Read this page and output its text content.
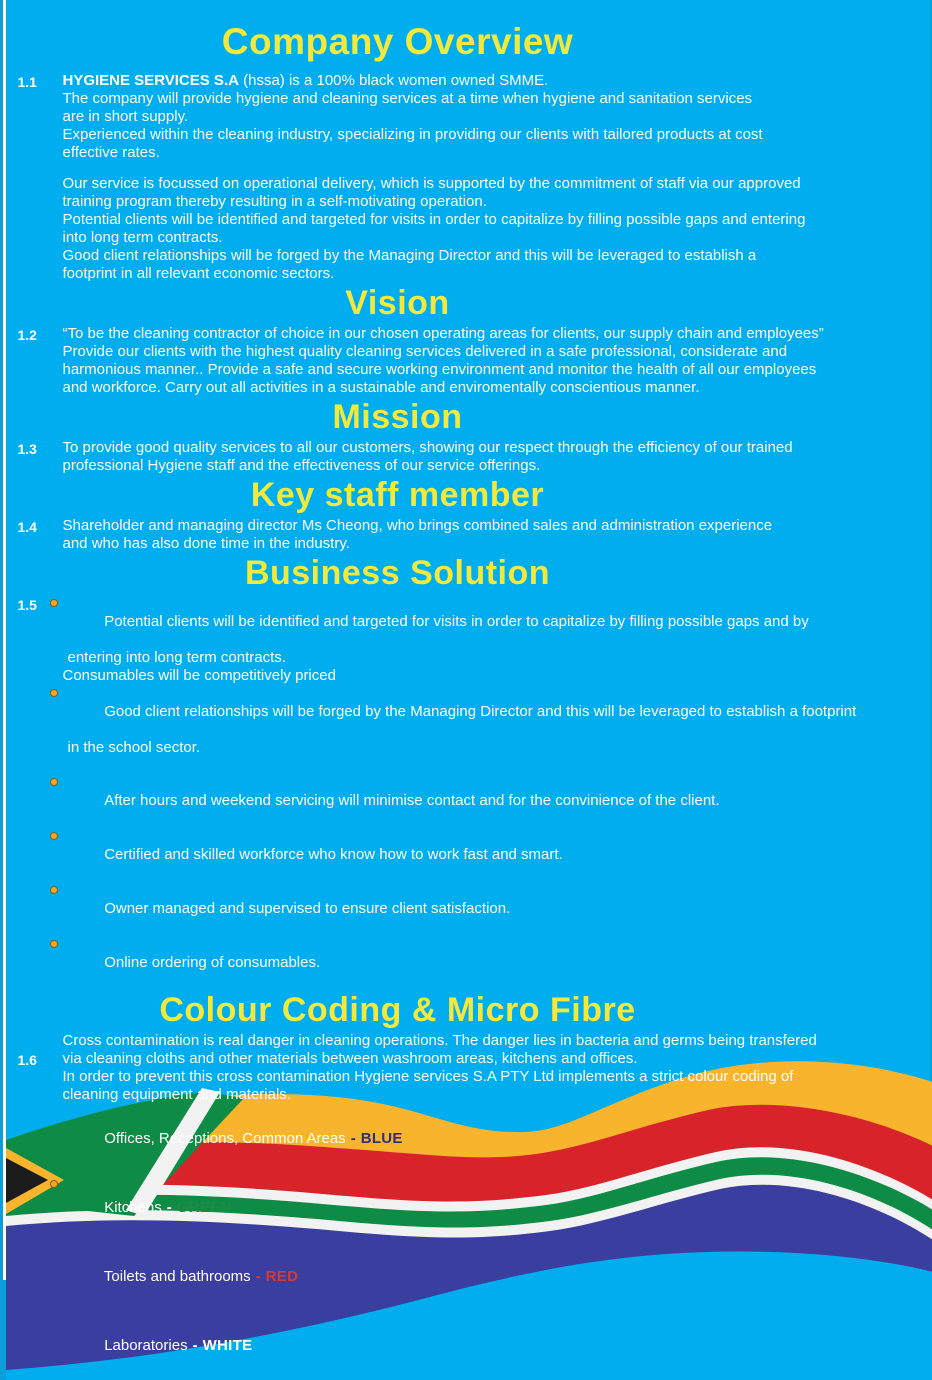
Company Overview
1.1	HYGIENE SERVICES S.A (hssa) is a 100% black women owned SMME.
The company will provide hygiene and cleaning services at a time when hygiene and sanitation services
are in short supply.
Experienced within the cleaning industry, specializing in providing our clients with tailored products at cost
effective rates.
Our service is focussed on operational delivery, which is supported by the commitment of staff via our approved
training program thereby resulting in a self-motivating operation.
Potential clients will be identified and targeted for visits in order to capitalize by filling possible gaps and entering
into long term contracts.
Good client relationships will be forged by the Managing Director and this will be leveraged to establish a
footprint in all relevant economic sectors.
Vision
1.2	“To be the cleaning contractor of choice in our chosen operating areas for clients, our supply chain and employees”
Provide our clients with the highest quality cleaning services delivered in a safe professional, considerate and
harmonious manner.. Provide a safe and secure working environment and monitor the health of all our employees
and workforce. Carry out all activities in a sustainable and enviromentally conscientious manner.
Mission
1.3	To provide good quality services to all our customers, showing our respect through the efficiency of our trained
professional Hygiene staff and the effectiveness of our service offerings.
Key staff member
1.4	Shareholder and managing director Ms Cheong, who brings combined sales and administration experience
and who has also done time in the industry.
Business Solution
1.5

Potential clients will be identified and targeted for visits in order to capitalize by filling possible gaps and by

entering into long term contracts.
Consumables will be competitively priced

Good client relationships will be forged by the Managing Director and this will be leveraged to establish a footprint

in the school sector.

After hours and weekend servicing will minimise contact and for the convinience of the client.

Certified and skilled workforce who know how to work fast and smart.

Owner managed and supervised to ensure client satisfaction.

Online ordering of consumables.

Colour Coding & Micro Fibre
1.6
Cross contamination is real danger in cleaning operations. The danger lies in bacteria and germs being transfered
via cleaning cloths and other materials between washroom areas, kitchens and offices.
In order to prevent this cross contamination Hygiene services S.A PTY Ltd implements a strict colour coding of
cleaning equipment and materials.

Offices, Receptions, Common Areas - BLUE

Kitchens - GREEN

Toilets and bathrooms - RED

Laboratories - WHITE
